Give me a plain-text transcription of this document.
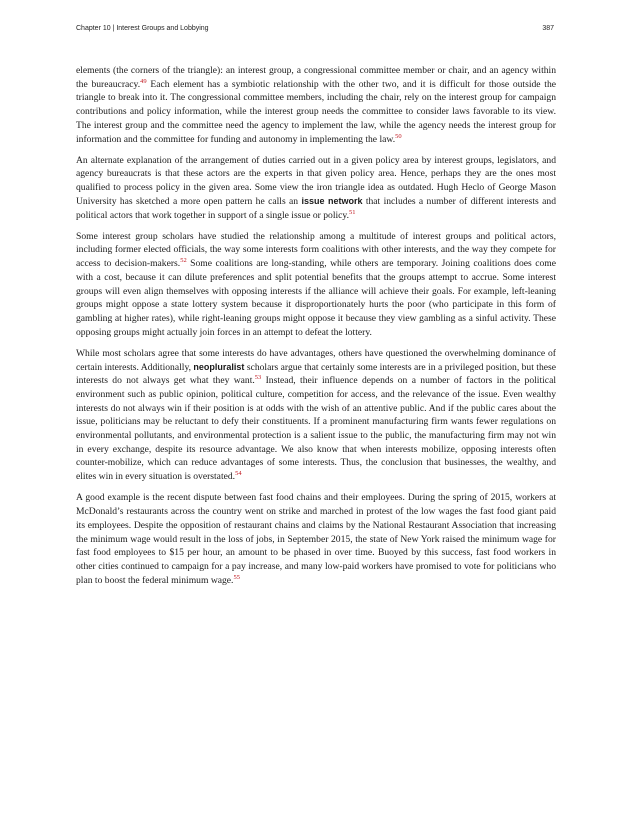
Chapter 10 | Interest Groups and Lobbying	387

elements (the corners of the triangle): an interest group, a congressional committee member or chair, and an agency within the bureaucracy.$^{49}$ Each element has a symbiotic relationship with the other two, and it is difficult for those outside the triangle to break into it. The congressional committee members, including the chair, rely on the interest group for campaign contributions and policy information, while the interest group needs the committee to consider laws favorable to its view. The interest group and the committee need the agency to implement the law, while the agency needs the interest group for information and the committee for funding and autonomy in implementing the law.$^{50}$

An alternate explanation of the arrangement of duties carried out in a given policy area by interest groups, legislators, and agency bureaucrats is that these actors are the experts in that given policy area. Hence, perhaps they are the ones most qualified to process policy in the given area. Some view the iron triangle idea as outdated. Hugh Heclo of George Mason University has sketched a more open pattern he calls an issue network that includes a number of different interests and political actors that work together in support of a single issue or policy.$^{51}$

Some interest group scholars have studied the relationship among a multitude of interest groups and political actors, including former elected officials, the way some interests form coalitions with other interests, and the way they compete for access to decision-makers.$^{52}$ Some coalitions are long-standing, while others are temporary. Joining coalitions does come with a cost, because it can dilute preferences and split potential benefits that the groups attempt to accrue. Some interest groups will even align themselves with opposing interests if the alliance will achieve their goals. For example, left-leaning groups might oppose a state lottery system because it disproportionately hurts the poor (who participate in this form of gambling at higher rates), while right-leaning groups might oppose it because they view gambling as a sinful activity. These opposing groups might actually join forces in an attempt to defeat the lottery.

While most scholars agree that some interests do have advantages, others have questioned the overwhelming dominance of certain interests. Additionally, neopluralist scholars argue that certainly some interests are in a privileged position, but these interests do not always get what they want.$^{53}$ Instead, their influence depends on a number of factors in the political environment such as public opinion, political culture, competition for access, and the relevance of the issue. Even wealthy interests do not always win if their position is at odds with the wish of an attentive public. And if the public cares about the issue, politicians may be reluctant to defy their constituents. If a prominent manufacturing firm wants fewer regulations on environmental pollutants, and environmental protection is a salient issue to the public, the manufacturing firm may not win in every exchange, despite its resource advantage. We also know that when interests mobilize, opposing interests often counter-mobilize, which can reduce advantages of some interests. Thus, the conclusion that businesses, the wealthy, and elites win in every situation is overstated.$^{54}$

A good example is the recent dispute between fast food chains and their employees. During the spring of 2015, workers at McDonald’s restaurants across the country went on strike and marched in protest of the low wages the fast food giant paid its employees. Despite the opposition of restaurant chains and claims by the National Restaurant Association that increasing the minimum wage would result in the loss of jobs, in September 2015, the state of New York raised the minimum wage for fast food employees to $15 per hour, an amount to be phased in over time. Buoyed by this success, fast food workers in other cities continued to campaign for a pay increase, and many low-paid workers have promised to vote for politicians who plan to boost the federal minimum wage.$^{55}$
